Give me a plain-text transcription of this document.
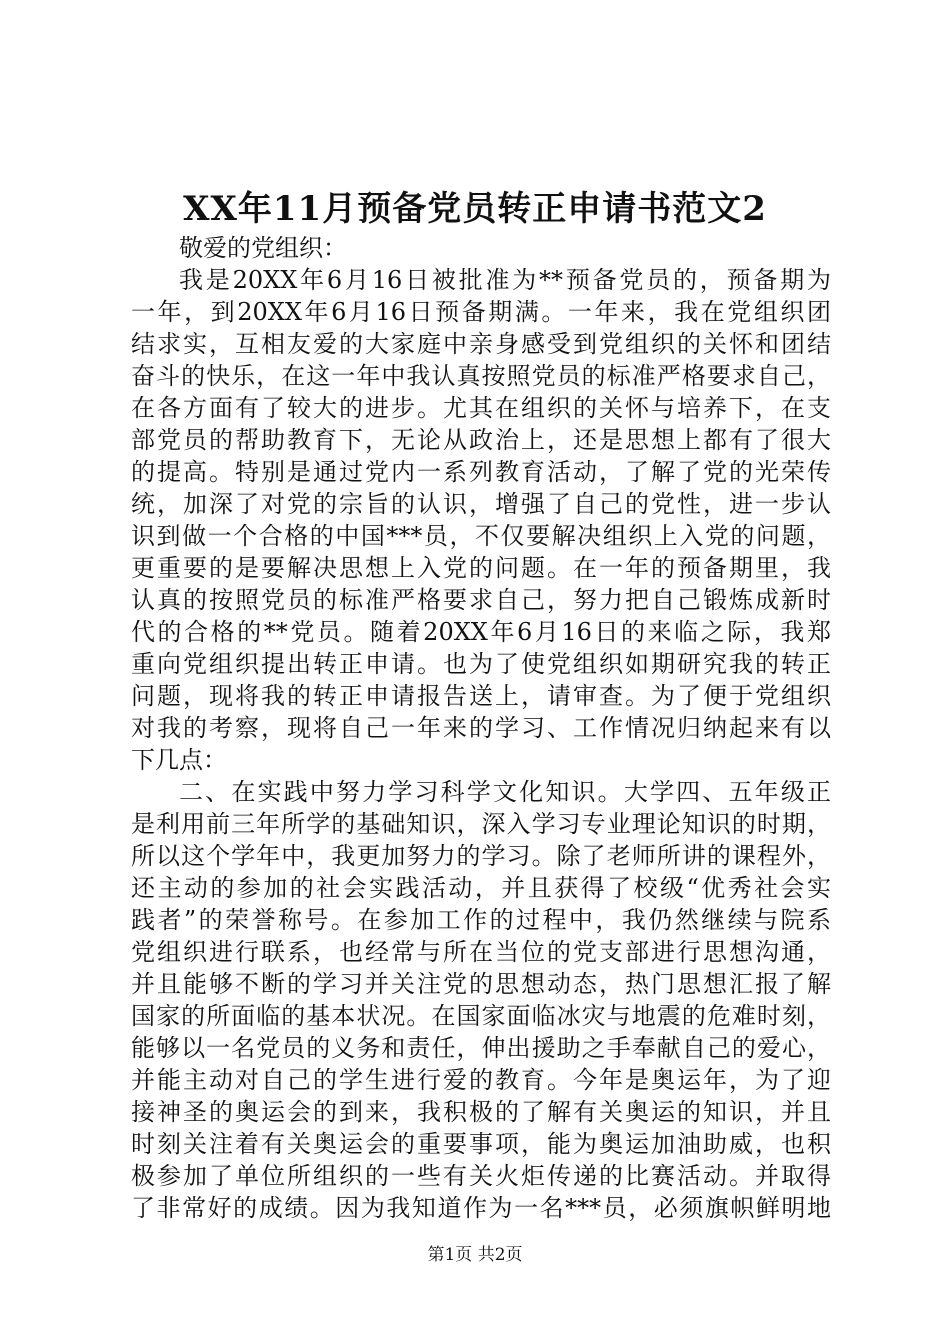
XX年11月预备党员转正申请书范文2
敬爱的党组织：
我是20XX年6月16日被批准为**预备党员的，预备期为
一年，到20XX年6月16日预备期满。一年来，我在党组织团
结求实，互相友爱的大家庭中亲身感受到党组织的关怀和团结
奋斗的快乐，在这一年中我认真按照党员的标准严格要求自己，
在各方面有了较大的进步。尤其在组织的关怀与培养下，在支
部党员的帮助教育下，无论从政治上，还是思想上都有了很大
的提高。特别是通过党内一系列教育活动，了解了党的光荣传
统，加深了对党的宗旨的认识，增强了自己的党性，进一步认
识到做一个合格的中国***员，不仅要解决组织上入党的问题，
更重要的是要解决思想上入党的问题。在一年的预备期里，我
认真的按照党员的标准严格要求自己，努力把自己锻炼成新时
代的合格的**党员。随着20XX年6月16日的来临之际，我郑
重向党组织提出转正申请。也为了使党组织如期研究我的转正
问题，现将我的转正申请报告送上，请审查。为了便于党组织
对我的考察，现将自己一年来的学习、工作情况归纳起来有以
下几点：
二、在实践中努力学习科学文化知识。大学四、五年级正
是利用前三年所学的基础知识，深入学习专业理论知识的时期，
所以这个学年中，我更加努力的学习。除了老师所讲的课程外，
还主动的参加的社会实践活动，并且获得了校级“优秀社会实
践者”的荣誉称号。在参加工作的过程中，我仍然继续与院系
党组织进行联系，也经常与所在当位的党支部进行思想沟通，
并且能够不断的学习并关注党的思想动态，热门思想汇报了解
国家的所面临的基本状况。在国家面临冰灾与地震的危难时刻，
能够以一名党员的义务和责任，伸出援助之手奉献自己的爱心，
并能主动对自己的学生进行爱的教育。今年是奥运年，为了迎
接神圣的奥运会的到来，我积极的了解有关奥运的知识，并且
时刻关注着有关奥运会的重要事项，能为奥运加油助威，也积
极参加了单位所组织的一些有关火炬传递的比赛活动。并取得
了非常好的成绩。因为我知道作为一名***员，必须旗帜鲜明地
第1页 共2页
